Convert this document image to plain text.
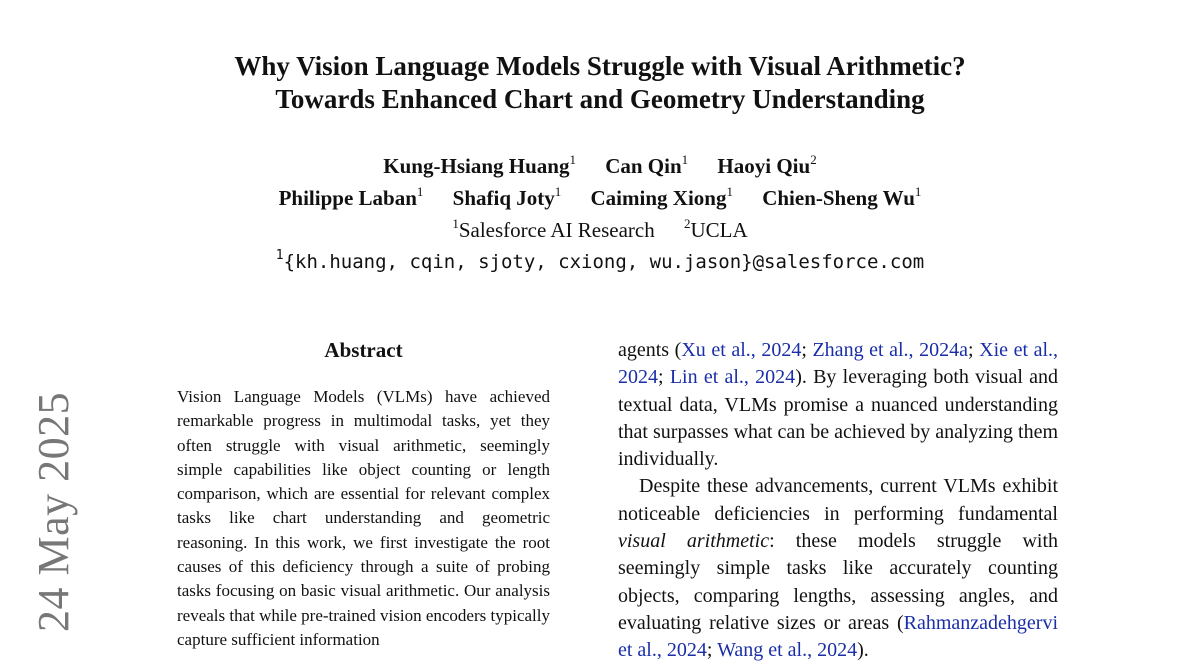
24 May 2025
Why Vision Language Models Struggle with Visual Arithmetic?
Towards Enhanced Chart and Geometry Understanding
Kung-Hsiang Huang$^1$ Can Qin$^1$ Haoyi Qiu$^2$
Philippe Laban$^1$ Shafiq Joty$^1$ Caiming Xiong$^1$ Chien-Sheng Wu$^1$
$^1$Salesforce AI Research $^2$UCLA
$^1${kh.huang, cqin, sjoty, cxiong, wu.jason}@salesforce.com
Abstract
Vision Language Models (VLMs) have achieved remarkable progress in multimodal tasks, yet they often struggle with visual arithmetic, seemingly simple capabilities like object counting or length comparison, which are essential for relevant complex tasks like chart understanding and geometric reasoning. In this work, we first investigate the root causes of this deficiency through a suite of probing tasks focusing on basic visual arithmetic. Our analysis reveals that while pre-trained vision encoders typically capture sufficient information

agents (Xu et al., 2024; Zhang et al., 2024a; Xie et al., 2024; Lin et al., 2024). By leveraging both visual and textual data, VLMs promise a nuanced understanding that surpasses what can be achieved by analyzing them individually.

Despite these advancements, current VLMs exhibit noticeable deficiencies in performing fundamental visual arithmetic: these models struggle with seemingly simple tasks like accurately counting objects, comparing lengths, assessing angles, and evaluating relative sizes or areas (Rahmanzadehgervi et al., 2024; Wang et al., 2024).
